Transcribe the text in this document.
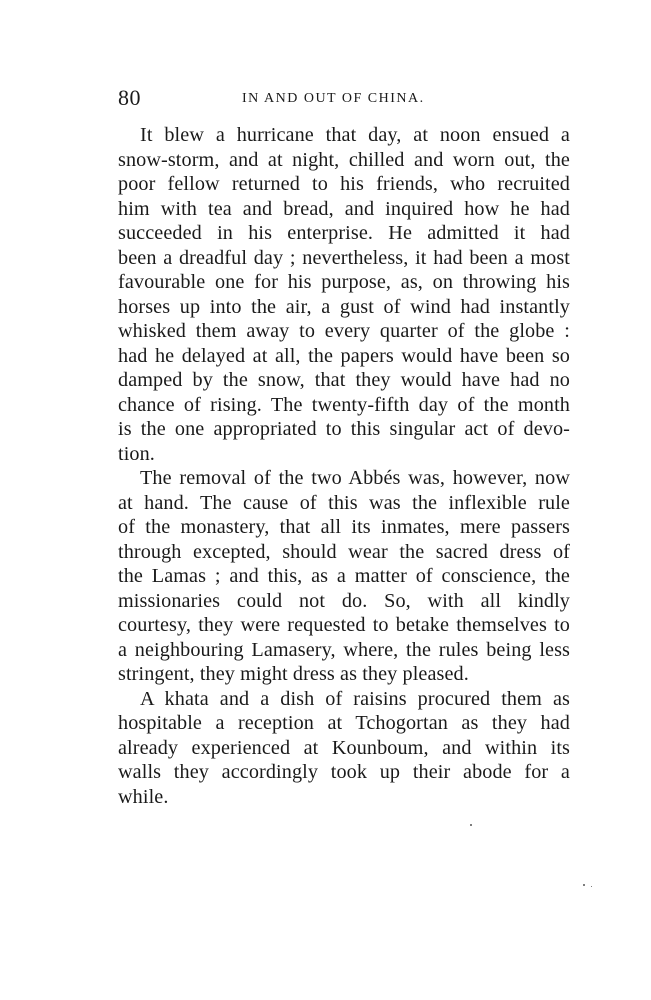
80	IN AND OUT OF CHINA.
It blew a hurricane that day, at noon ensued a
snow-storm, and at night, chilled and worn out, the
poor fellow returned to his friends, who recruited
him with tea and bread, and inquired how he had
succeeded in his enterprise. He admitted it had
been a dreadful day ; nevertheless, it had been a most
favourable one for his purpose, as, on throwing his
horses up into the air, a gust of wind had instantly
whisked them away to every quarter of the globe :
had he delayed at all, the papers would have been so
damped by the snow, that they would have had no
chance of rising. The twenty-fifth day of the month
is the one appropriated to this singular act of devo-
tion.
The removal of the two Abbés was, however, now
at hand. The cause of this was the inflexible rule
of the monastery, that all its inmates, mere passers
through excepted, should wear the sacred dress of
the Lamas ; and this, as a matter of conscience, the
missionaries could not do. So, with all kindly
courtesy, they were requested to betake themselves to
a neighbouring Lamasery, where, the rules being less
stringent, they might dress as they pleased.
A khata and a dish of raisins procured them as
hospitable a reception at Tchogortan as they had
already experienced at Kounboum, and within its
walls they accordingly took up their abode for a
while.
